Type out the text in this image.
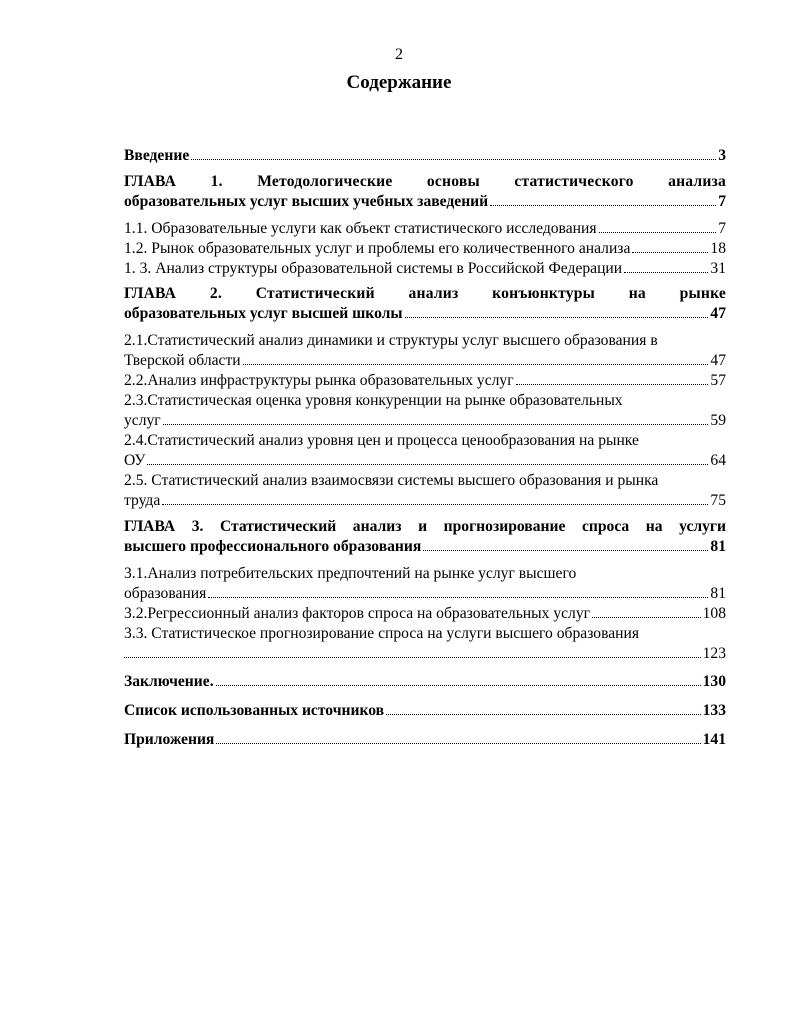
2
Содержание
Введение	3
ГЛАВА 1. Методологические основы статистического анализа
образовательных услуг высших учебных заведений	7
1.1. Образовательные услуги как объект статистического исследования	7
1.2. Рынок образовательных услуг и проблемы его количественного анализа	18
1. 3. Анализ структуры образовательной системы в Российской Федерации	31
ГЛАВА 2. Статистический анализ конъюнктуры на рынке
образовательных услуг высшей школы	47
2.1.Статистический анализ динамики и структуры услуг высшего образования в
Тверской области	47
2.2.Анализ инфраструктуры рынка образовательных услуг	57
2.3.Статистическая оценка уровня конкуренции на рынке образовательных
услуг	59
2.4.Статистический анализ уровня цен и процесса ценообразования на рынке
ОУ	64
2.5. Статистический анализ взаимосвязи системы высшего образования и рынка
труда	75
ГЛАВА 3. Статистический анализ и прогнозирование спроса на услуги
высшего профессионального образования	81
3.1.Анализ потребительских предпочтений на рынке услуг высшего
образования	81
3.2.Регрессионный анализ факторов спроса на образовательных услуг	108
3.3. Статистическое прогнозирование спроса на услуги высшего образования
123
Заключение.	130
Список использованных источников	133
Приложения	141
